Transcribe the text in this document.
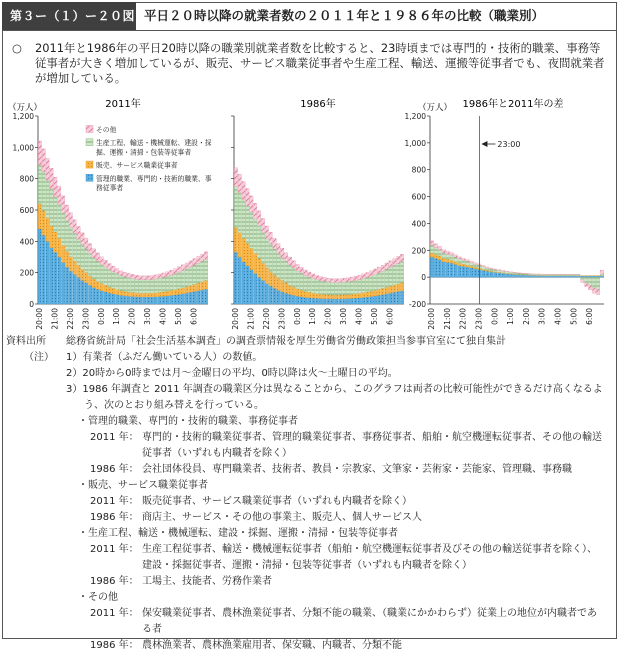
第３ー（１）ー２０図 平日２０時以降の就業者数の２０１１年と１９８６年の比較（職業別）
○ 2011年と1986年の平日20時以降の職業別就業者数を比較すると、23時頃までは専門的・技術的職業、事務等従事者が大きく増加しているが、販売、サービス職業従事者や生産工程、輸送、運搬等従事者でも、夜間就業者が増加している。
2011年
（万人）
0
200
400
600
800
1,000
1,200
20:00 21:00 22:00 23:00 0:00 1:00 2:00 3:00 4:00 5:00 6:00
1986年
20:00 21:00 22:00 23:00 0:00 1:00 2:00 3:00 4:00 5:00 6:00
1986年と2011年の差
（万人）
-200
0
200
400
600
800
1,000
1,200
20:00 21:00 22:00 23:00 0:00 1:00 2:00 3:00 4:00 5:00 6:00
23:00
その他
生産工程、輸送・機械運転、建設・採掘、運搬・清掃・包装等従事者
販売、サービス職業従事者
管理的職業、専門的・技術的職業、事務従事者
資料出所 総務省統計局「社会生活基本調査」の調査票情報を厚生労働省労働政策担当参事官室にて独自集計
（注） 1）有業者（ふだん働いている人）の数値。

2）20時から0時までは月～金曜日の平均、0時以降は火～土曜日の平均。

3）1986 年調査と 2011 年調査の職業区分は異なることから、このグラフは両者の比較可能性ができるだけ高くなるよう、次のとおり組み替えを行っている。
・管理的職業、専門的・技術的職業、事務従事者
2011 年： 専門的・技術的職業従事者、管理的職業従事者、事務従事者、船舶・航空機運転従事者、その他の輸送従事者（いずれも内職者を除く）
1986 年： 会社団体役員、専門職業者、技術者、教員・宗教家、文筆家・芸術家・芸能家、管理職、事務職
・販売、サービス職業従事者
2011 年： 販売従事者、サービス職業従事者（いずれも内職者を除く）
1986 年： 商店主、サービス・その他の事業主、販売人、個人サービス人
・生産工程、輸送・機械運転、建設・採掘、運搬・清掃・包装等従事者
2011 年： 生産工程従事者、輸送・機械運転従事者（船舶・航空機運転従事者及びその他の輸送従事者を除く）、建設・採掘従事者、運搬・清掃・包装等従事者（いずれも内職者を除く）
1986 年： 工場主、技能者、労務作業者
・その他
2011 年： 保安職業従事者、農林漁業従事者、分類不能の職業、（職業にかかわらず）従業上の地位が内職者である者
1986 年： 農林漁業者、農林漁業雇用者、保安職、内職者、分類不能
